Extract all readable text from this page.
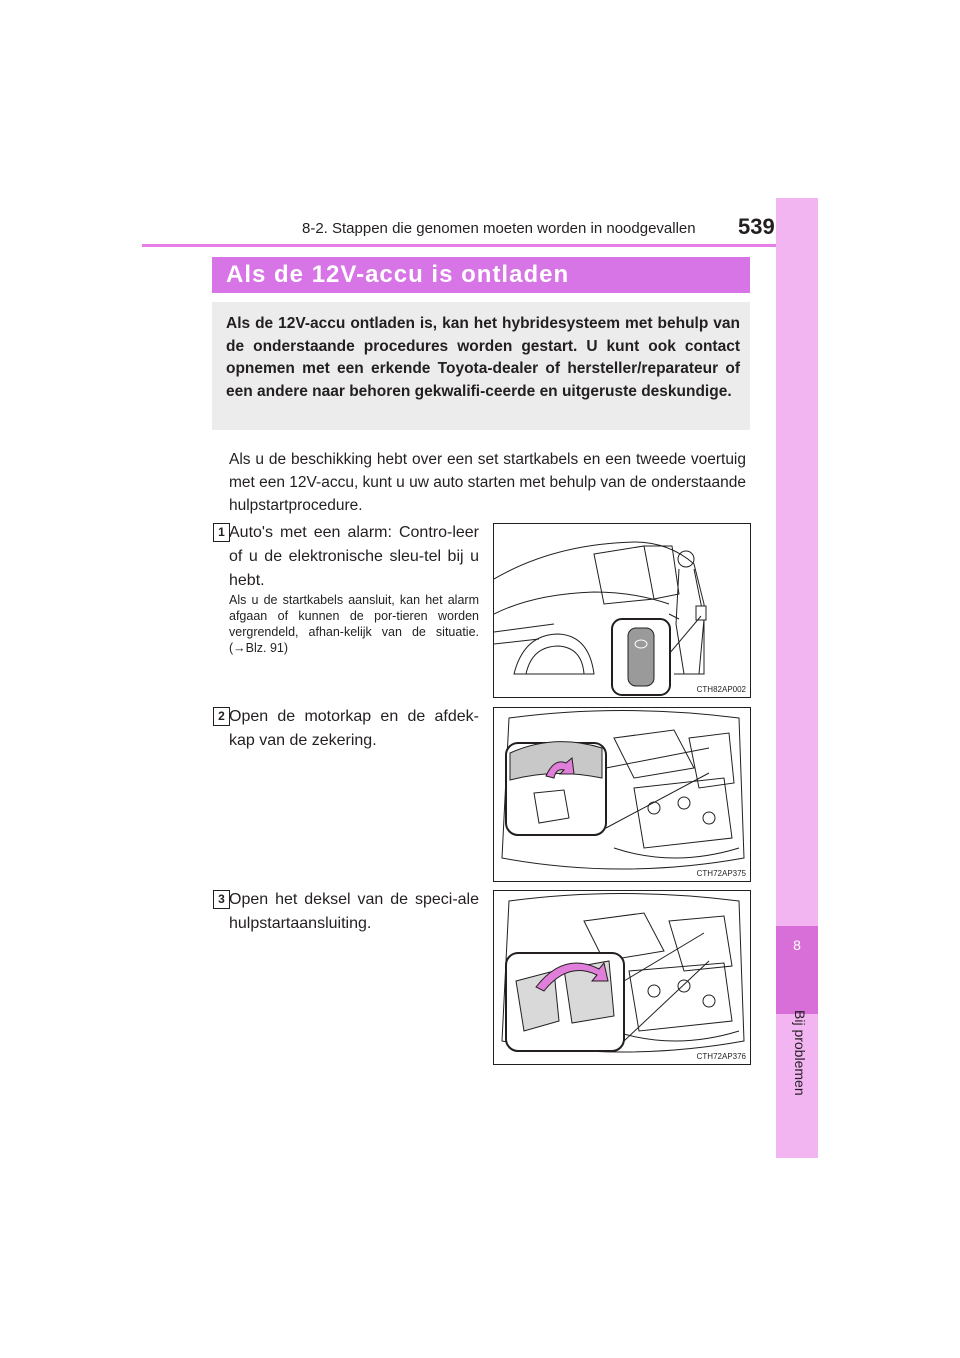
8-2. Stappen die genomen moeten worden in noodgevallen 539
8
Bij problemen
Als de 12V-accu is ontladen
Als de 12V-accu ontladen is, kan het hybridesysteem met behulp van de onderstaande procedures worden gestart. U kunt ook contact opnemen met een erkende Toyota-dealer of hersteller/reparateur of een andere naar behoren gekwalifi-ceerde en uitgeruste deskundige.
Als u de beschikking hebt over een set startkabels en een tweede voertuig met een 12V-accu, kunt u uw auto starten met behulp van de onderstaande hulpstartprocedure.
1 Auto's met een alarm: Contro-leer of u de elektronische sleu-tel bij u hebt.
Als u de startkabels aansluit, kan het alarm afgaan of kunnen de por-tieren worden vergrendeld, afhan-kelijk van de situatie. (→Blz. 91)
CTH82AP002
2 Open de motorkap en de afdek-kap van de zekering.
CTH72AP375
3 Open het deksel van de speci-ale hulpstartaansluiting.
CTH72AP376
